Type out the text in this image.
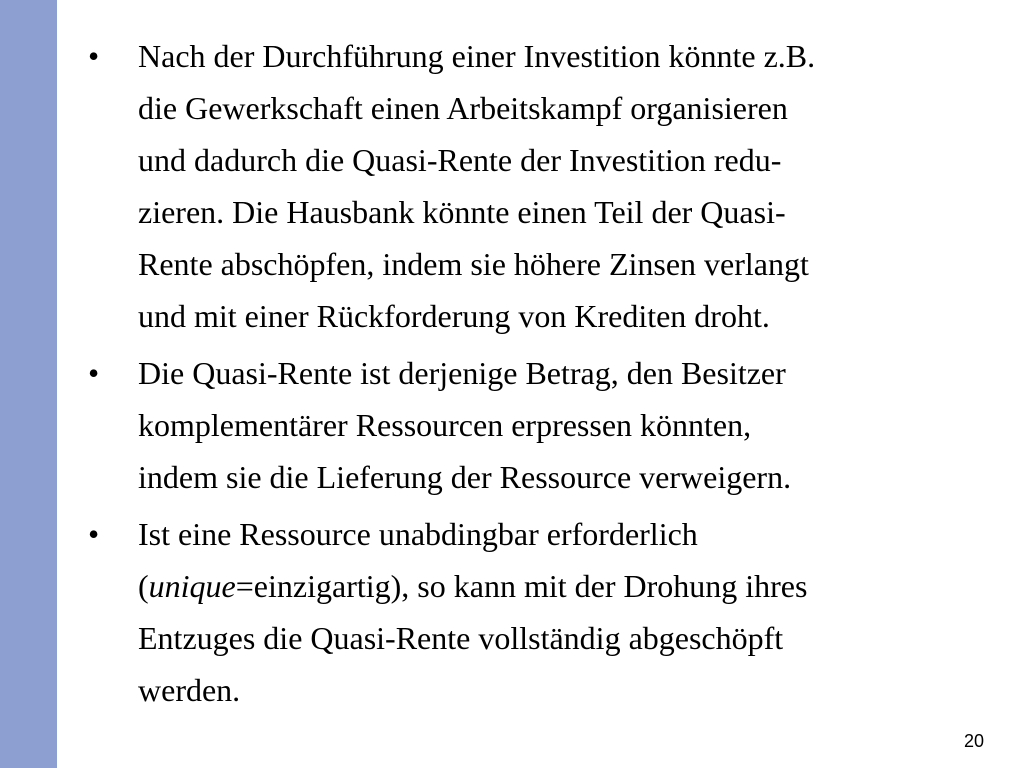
•	Nach der Durchführung einer Investition könnte z.B.
die Gewerkschaft einen Arbeitskampf organisieren
und dadurch die Quasi-Rente der Investition redu-
zieren. Die Hausbank könnte einen Teil der Quasi-
Rente abschöpfen, indem sie höhere Zinsen verlangt
und mit einer Rückforderung von Krediten droht.
•	Die Quasi-Rente ist derjenige Betrag, den Besitzer
komplementärer Ressourcen erpressen könnten,
indem sie die Lieferung der Ressource verweigern.
•	Ist eine Ressource unabdingbar erforderlich
(unique=einzigartig), so kann mit der Drohung ihres
Entzuges die Quasi-Rente vollständig abgeschöpft
werden.
20
